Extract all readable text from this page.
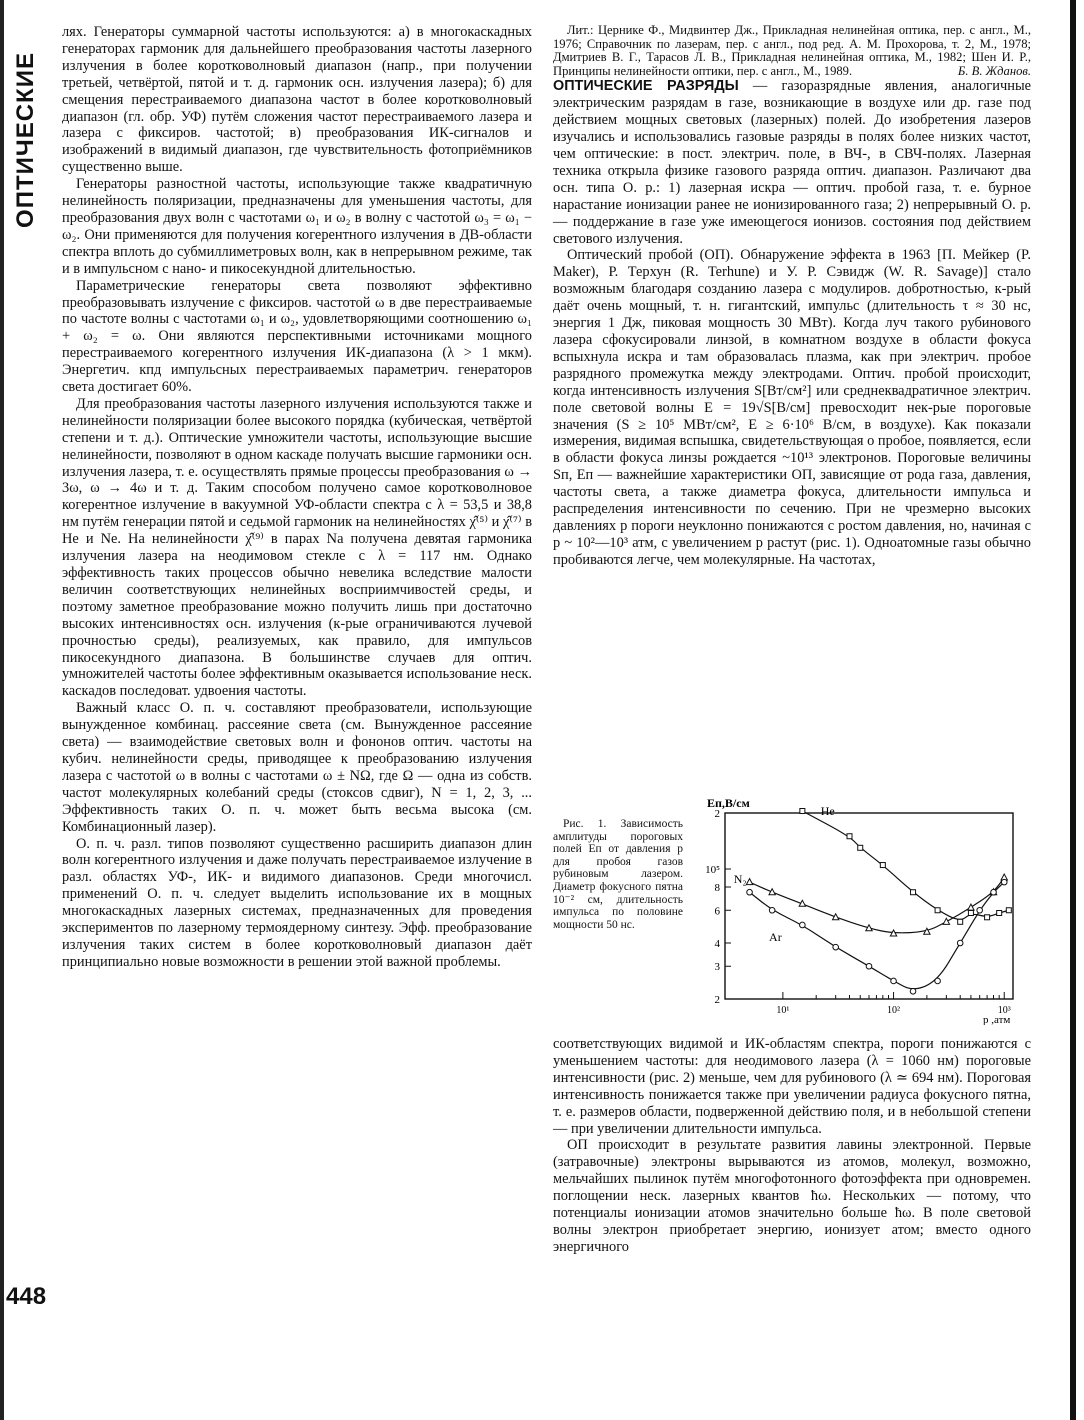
ОПТИЧЕСКИЕ
448

лях. Генераторы суммарной частоты используются: а) в многокаскадных генераторах гармоник для дальнейшего преобразования частоты лазерного излучения в более коротковолновый диапазон (напр., при получении третьей, четвёртой, пятой и т. д. гармоник осн. излучения лазера); б) для смещения перестраиваемого диапазона частот в более коротковолновый диапазон (гл. обр. УФ) путём сложения частот перестраиваемого лазера и лазера с фиксиров. частотой; в) преобразования ИК-сигналов и изображений в видимый диапазон, где чувствительность фотоприёмников существенно выше.

Генераторы разностной частоты, использующие также квадратичную нелинейность поляризации, предназначены для уменьшения частоты, для преобразования двух волн с частотами ω₁ и ω₂ в волну с частотой ω₃ = ω₁ − ω₂. Они применяются для получения когерентного излучения в ДВ-области спектра вплоть до субмиллиметровых волн, как в непрерывном режиме, так и в импульсном с нано- и пикосекундной длительностью.

Параметрические генераторы света позволяют эффективно преобразовывать излучение с фиксиров. частотой ω в две перестраиваемые по частоте волны с частотами ω₁ и ω₂, удовлетворяющими соотношению ω₁ + ω₂ = ω. Они являются перспективными источниками мощного перестраиваемого когерентного излучения ИК-диапазона (λ > 1 мкм). Энергетич. кпд импульсных перестраиваемых параметрич. генераторов света достигает 60%.

Для преобразования частоты лазерного излучения используются также и нелинейности поляризации более высокого порядка (кубическая, четвёртой степени и т. д.). Оптические умножители частоты, использующие высшие нелинейности, позволяют в одном каскаде получать высшие гармоники осн. излучения лазера, т. е. осуществлять прямые процессы преобразования ω → 3ω, ω → 4ω и т. д. Таким способом получено самое коротковолновое когерентное излучение в вакуумной УФ-области спектра с λ = 53,5 и 38,8 нм путём генерации пятой и седьмой гармоник на нелинейностях χ̂⁽⁵⁾ и χ̂⁽⁷⁾ в He и Ne. На нелинейности χ̂⁽⁹⁾ в парах Na получена девятая гармоника излучения лазера на неодимовом стекле с λ = 117 нм. Однако эффективность таких процессов обычно невелика вследствие малости величин соответствующих нелинейных восприимчивостей среды, и поэтому заметное преобразование можно получить лишь при достаточно высоких интенсивностях осн. излучения (к-рые ограничиваются лучевой прочностью среды), реализуемых, как правило, для импульсов пикосекундного диапазона. В большинстве случаев для оптич. умножителей частоты более эффективным оказывается использование неск. каскадов последоват. удвоения частоты.

Важный класс О. п. ч. составляют преобразователи, использующие вынужденное комбинац. рассеяние света (см. Вынужденное рассеяние света) — взаимодействие световых волн и фононов оптич. частоты на кубич. нелинейности среды, приводящее к преобразованию излучения лазера с частотой ω в волны с частотами ω ± NΩ, где Ω — одна из собств. частот молекулярных колебаний среды (стоксов сдвиг), N = 1, 2, 3, ... Эффективность таких О. п. ч. может быть весьма высока (см. Комбинационный лазер).

О. п. ч. разл. типов позволяют существенно расширить диапазон длин волн когерентного излучения и даже получать перестраиваемое излучение в разл. областях УФ-, ИК- и видимого диапазонов. Среди многочисл. применений О. п. ч. следует выделить использование их в мощных многокаскадных лазерных системах, предназначенных для проведения экспериментов по лазерному термоядерному синтезу. Эфф. преобразование излучения таких систем в более коротковолновый диапазон даёт принципиально новые возможности в решении этой важной проблемы.

Лит.: Цернике Ф., Мидвинтер Дж., Прикладная нелинейная оптика, пер. с англ., М., 1976; Справочник по лазерам, пер. с англ., под ред. А. М. Прохорова, т. 2, М., 1978; Дмитриев В. Г., Тарасов Л. В., Прикладная нелинейная оптика, М., 1982; Шен И. Р., Принципы нелинейности оптики, пер. с англ., М., 1989.	Б. В. Жданов.

ОПТИЧЕСКИЕ РАЗРЯДЫ — газоразрядные явления, аналогичные электрическим разрядам в газе, возникающие в воздухе или др. газе под действием мощных световых (лазерных) полей. До изобретения лазеров изучались и использовались газовые разряды в полях более низких частот, чем оптические: в пост. электрич. поле, в ВЧ-, в СВЧ-полях. Лазерная техника открыла физике газового разряда оптич. диапазон. Различают два осн. типа О. р.: 1) лазерная искра — оптич. пробой газа, т. е. бурное нарастание ионизации ранее не ионизированного газа; 2) непрерывный О. р. — поддержание в газе уже имеющегося ионизов. состояния под действием светового излучения.

Оптический пробой (ОП). Обнаружение эффекта в 1963 [П. Мейкер (P. Maker), Р. Терхун (R. Terhune) и У. Р. Сэвидж (W. R. Savage)] стало возможным благодаря созданию лазера с модулиров. добротностью, к-рый даёт очень мощный, т. н. гигантский, импульс (длительность τ ≈ 30 нс, энергия 1 Дж, пиковая мощность 30 МВт). Когда луч такого рубинового лазера сфокусировали линзой, в комнатном воздухе в области фокуса вспыхнула искра и там образовалась плазма, как при электрич. пробое разрядного промежутка между электродами. Оптич. пробой происходит, когда интенсивность излучения S[Вт/см²] или среднеквадратичное электрич. поле световой волны E = 19√S[В/см] превосходит нек-рые пороговые значения (S ≥ 10⁵ МВт/см², E ≥ 6·10⁶ В/см, в воздухе). Как показали измерения, видимая вспышка, свидетельствующая о пробое, появляется, если в области фокуса линзы рождается ~10¹³ электронов. Пороговые величины Sп, Eп — важнейшие характеристики ОП, зависящие от рода газа, давления, частоты света, а также диаметра фокуса, длительности импульса и распределения интенсивности по сечению. При не чрезмерно высоких давлениях p пороги неуклонно понижаются с ростом давления, но, начиная с p ~ 10²—10³ атм, с увеличением p растут (рис. 1). Одноатомные газы обычно пробиваются легче, чем молекулярные. На частотах,

Рис. 1. Зависимость амплитуды пороговых полей Eп от давления p для пробоя газов рубиновым лазером. Диаметр фокусного пятна 10⁻² см, длительность импульса по половине мощности 50 нс.

Eп,В/см
2
3
4
6
8
10⁵
2
10¹	10²	10³
He
N₂
Ar
p ,атм

соответствующих видимой и ИК-областям спектра, пороги понижаются с уменьшением частоты: для неодимового лазера (λ = 1060 нм) пороговые интенсивности (рис. 2) меньше, чем для рубинового (λ ≃ 694 нм). Пороговая интенсивность понижается также при увеличении радиуса фокусного пятна, т. е. размеров области, подверженной действию поля, и в небольшой степени — при увеличении длительности импульса.

ОП происходит в результате развития лавины электронной. Первые (затравочные) электроны вырываются из атомов, молекул, возможно, мельчайших пылинок путём многофотонного фотоэффекта при одновремен. поглощении неск. лазерных квантов ħω. Нескольких — потому, что потенциалы ионизации атомов значительно больше ħω. В поле световой волны электрон приобретает энергию, ионизует атом; вместо одного энергичного
